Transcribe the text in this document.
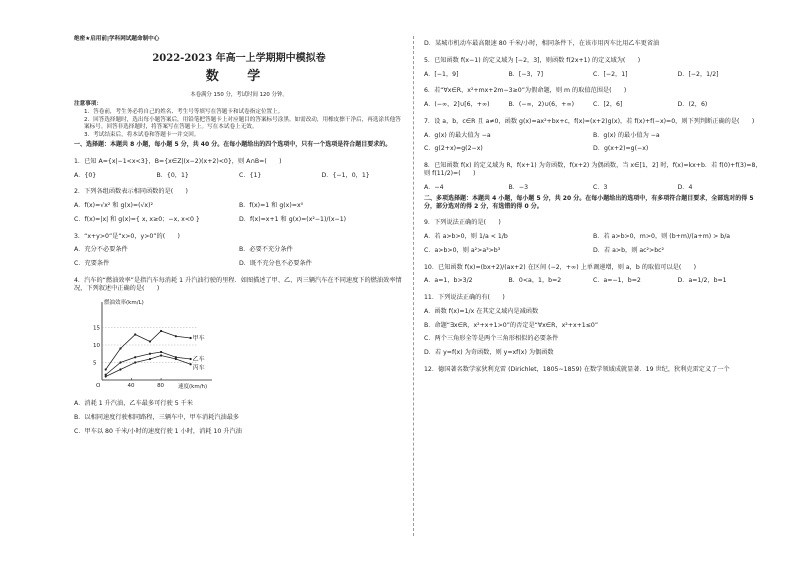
绝密★启用前|学科网试题命制中心
2022-2023 年高一上学期期中模拟卷
数 学
本卷满分 150 分，考试时间 120 分钟。

注意事项：

1．答卷前，考生务必将自己的姓名、考生号等填写在答题卡和试卷指定位置上。

2．回答选择题时，选出每小题答案后，用铅笔把答题卡上对应题目的答案标号涂黑。如需改动，用橡皮擦干净后，再选涂其他答案标号。回答非选择题时，将答案写在答题卡上。写在本试卷上无效。

3．考试结束后，将本试卷和答题卡一并交回。

一、选择题：本题共 8 小题，每小题 5 分，共 40 分。在每小题给出的四个选项中，只有一个选项是符合题目要求的。
1．已知 A={x|−1<x<3}，B={x∈Z|(x−2)(x+2)<0}，则 A∩B=(　　)
A．{0}	B．{0，1}	C．{1}	D．{−1，0，1}
2．下列各组函数表示相同函数的是(　　)
A．f(x)=√x² 和 g(x)=(√x)²	B．f(x)=1 和 g(x)=x⁰
C．f(x)=|x| 和 g(x)={ x, x≥0；−x, x<0 }	D．f(x)=x+1 和 g(x)=(x²−1)/(x−1)
3．“x+y>0”是“x>0，y>0”的(　　)
A．充分不必要条件	B．必要不充分条件
C．充要条件	D．既不充分也不必要条件
4．汽车的“燃油效率”是指汽车每消耗 1 升汽油行驶的里程．如图描述了甲、乙、丙三辆汽车在不同速度下的燃油效率情况，下列叙述中正确的是(　　)
燃油效率(km/L)
速度(km/h)
O	40	80
5
10
15
甲车
乙车
丙车
A．消耗 1 升汽油，乙车最多可行驶 5 千米
B．以相同速度行驶相同路程，三辆车中，甲车消耗汽油最多
C．甲车以 80 千米/小时的速度行驶 1 小时，消耗 10 升汽油
D．某城市机动车最高限速 80 千米/小时，相同条件下，在该市用丙车比用乙车更省油
5．已知函数 f(x−1) 的定义域为 [−2，3]，则函数 f(2x+1) 的定义域为(　　)
A．[−1，9]	B．[−3，7]	C．[−2，1]	D．[−2，1/2]
6．若“∀x∈R，x²+mx+2m−3≥0”为假命题，则 m 的取值范围是(　　)
A．(−∞，2]∪[6，+∞)	B．(−∞，2)∪(6，+∞)	C．[2，6]	D．(2，6)
7．设 a，b，c∈R 且 a≠0，函数 g(x)=ax²+bx+c，f(x)=(x+2)g(x)，若 f(x)+f(−x)=0，则下列判断正确的是(　　)
A．g(x) 的最大值为 −a	B．g(x) 的最小值为 −a
C．g(2+x)=g(2−x)	D．g(x+2)=g(−x)
8．已知函数 f(x) 的定义域为 R，f(x+1) 为奇函数，f(x+2) 为偶函数，当 x∈[1，2] 时，f(x)=kx+b．若 f(0)+f(3)=8，则 f(11/2)=(　　)
A．−4	B．−3	C．3	D．4
二、多项选择题：本题共 4 小题，每小题 5 分，共 20 分。在每小题给出的选项中，有多项符合题目要求，全部选对的得 5 分，部分选对的得 2 分，有选错的得 0 分。
9．下列说法正确的是(　　)
A．若 a>b>0，则 1/a < 1/b	B．若 a>b>0，m>0，则 (b+m)/(a+m) > b/a
C．a>b>0，则 a²>a³>b³	D．若 a>b，则 ac²>bc²
10．已知函数 f(x)=(bx+2)/(ax+2) 在区间 (−2，+∞) 上单调递增，则 a，b 的取值可以是(　　)
A．a=1，b>3/2	B．0<a，1，b=2	C．a=−1，b=2	D．a=1/2，b=1
11．下列说法正确的有(　　)
A．函数 f(x)=1/x 在其定义域内是减函数
B．命题“∃x∈R，x²+x+1>0”的否定是“∀x∈R，x²+x+1≤0”
C．两个三角形全等是两个三角形相似的必要条件
D．若 y=f(x) 为奇函数，则 y=xf(x) 为偶函数
12．德国著名数学家狄利克雷 (Dirichlet，1805∼1859) 在数学领域成就显著．19 世纪，狄利克雷定义了一个
